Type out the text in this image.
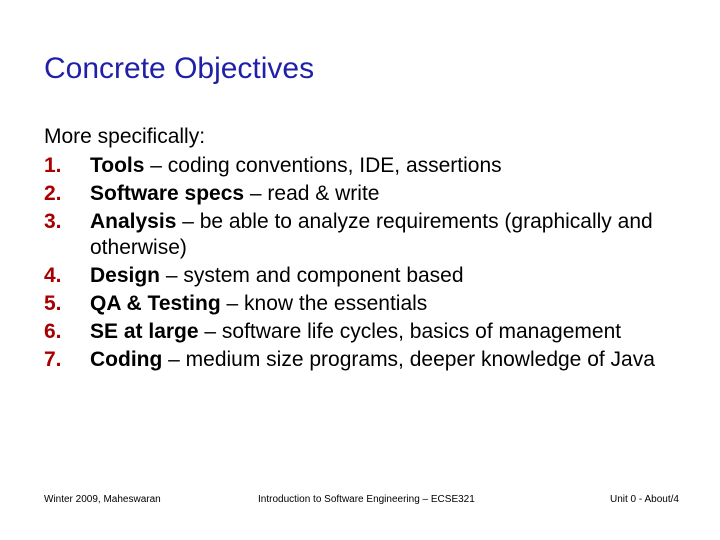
Concrete Objectives
More specifically:
1. Tools – coding conventions, IDE, assertions
2. Software specs – read & write
3. Analysis – be able to analyze requirements (graphically and otherwise)
4. Design – system and component based
5. QA & Testing – know the essentials
6. SE at large – software life cycles, basics of management
7. Coding – medium size programs, deeper knowledge of Java
Winter 2009, Maheswaran	Introduction to Software Engineering – ECSE321	Unit 0 - About/4
